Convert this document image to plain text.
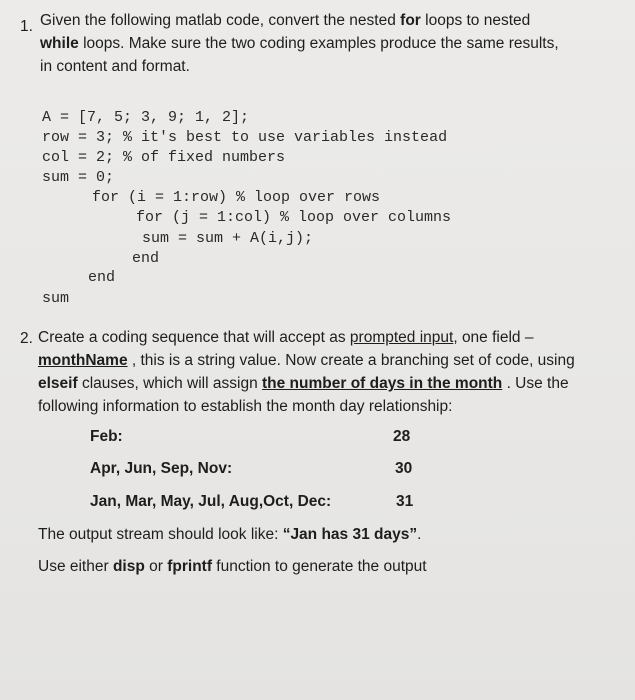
1. Given the following matlab code, convert the nested for loops to nested
while loops. Make sure the two coding examples produce the same results,
in content and format.
A = [7, 5; 3, 9; 1, 2];
row = 3; % it's best to use variables instead
col = 2; % of fixed numbers
sum = 0;
for (i = 1:row) % loop over rows
for (j = 1:col) % loop over columns
sum = sum + A(i,j);
end
end
sum
2. Create a coding sequence that will accept as prompted input, one field –
monthName , this is a string value. Now create a branching set of code, using
elseif clauses, which will assign the number of days in the month . Use the
following information to establish the month day relationship:
Feb:	28
Apr, Jun, Sep, Nov:	30
Jan, Mar, May, Jul, Aug,Oct, Dec:	31
The output stream should look like: “Jan has 31 days”.
Use either disp or fprintf function to generate the output
